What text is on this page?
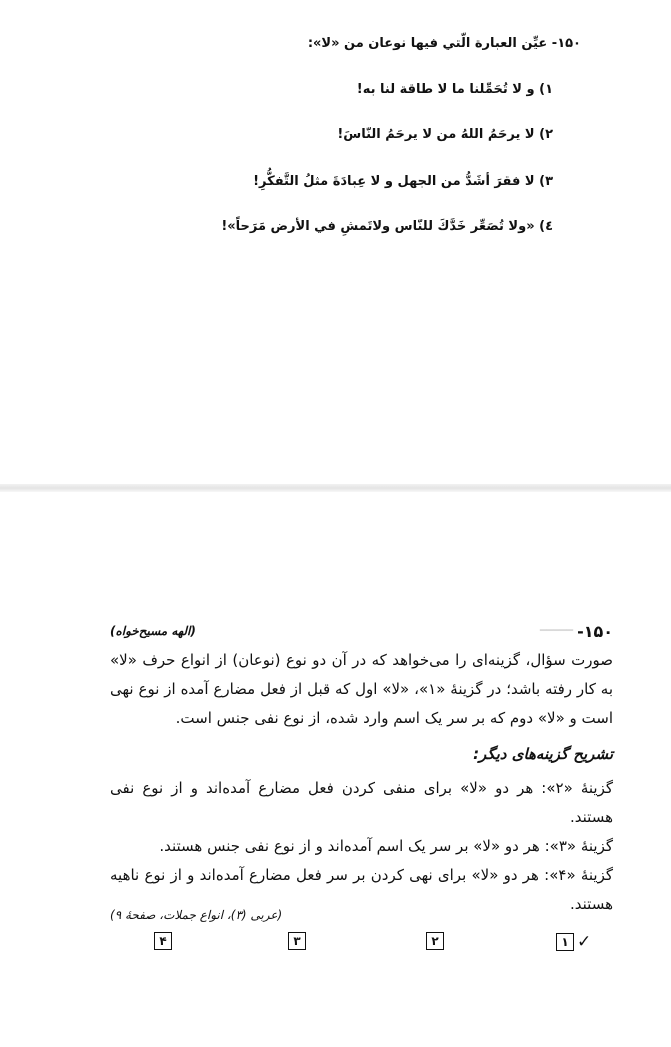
۱۵۰- عيِّن العبارة الّتي فيها نوعان من «لا»:
۱) و لا تُحَمِّلنا ما لا طاقة لنا به!
۲) لا يرحَمُ اللهُ من لا يرحَمُ النّاسَ!
۳) لا فقرَ أشَدُّ من الجهل و لا عِبادَةَ مثلُ التَّفكُّرِ!
٤) «ولا تُصَعِّر خَدَّكَ للنّاس ولاتَمشِ في الأرض مَرَحاً»!
۱۵۰-
━━━━━
(الهه مسیح‌خواه)
صورت سؤال، گزینه‌ای را می‌خواهد که در آن دو نوع (نوعان) از انواع حرف «لا» به کار رفته باشد؛ در گزینهٔ «۱»، «لا» اول که قبل از فعل مضارع آمده از نوع نهی است و «لا» دوم که بر سر یک اسم وارد شده، از نوع نفی جنس است.
تشریح گزینه‌های دیگر:

گزینهٔ «۲»: هر دو «لا» برای منفی کردن فعل مضارع آمده‌اند و از نوع نفی هستند.

گزینهٔ «۳»: هر دو «لا» بر سر یک اسم آمده‌اند و از نوع نفی جنس هستند.

گزینهٔ «۴»: هر دو «لا» برای نهی کردن بر سر فعل مضارع آمده‌اند و از نوع ناهیه هستند.

(عربی (۳)، انواع جملات، صفحهٔ ۹)
۱ ✓
۲
۳
۴
